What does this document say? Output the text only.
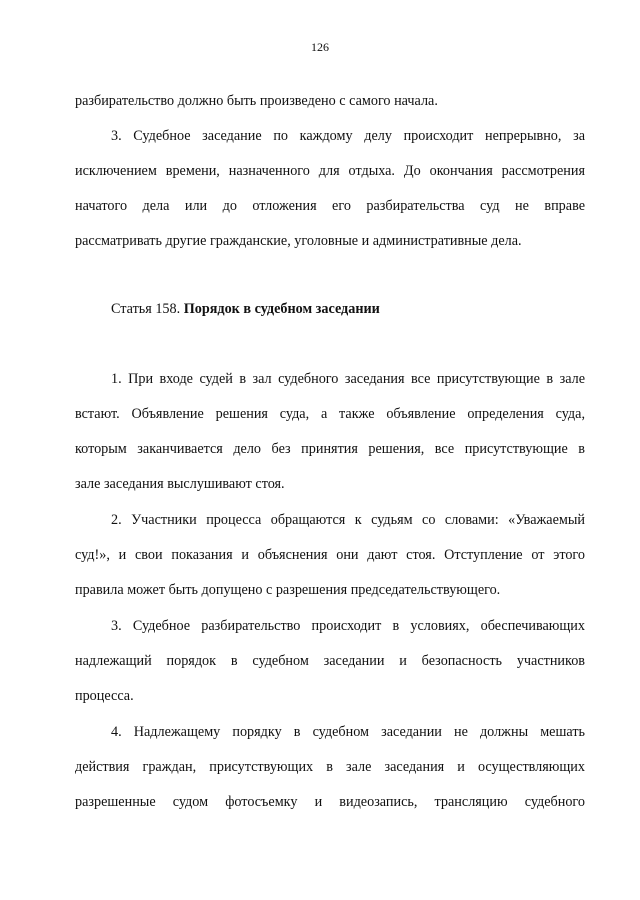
126
разбирательство должно быть произведено с самого начала.
3. Судебное заседание по каждому делу происходит непрерывно, за
исключением времени, назначенного для отдыха. До окончания рассмотрения
начатого дела или до отложения его разбирательства суд не вправе
рассматривать другие гражданские, уголовные и административные дела.
Статья 158. Порядок в судебном заседании
1. При входе судей в зал судебного заседания все присутствующие в зале
встают. Объявление решения суда, а также объявление определения суда,
которым заканчивается дело без принятия решения, все присутствующие в
зале заседания выслушивают стоя.
2. Участники процесса обращаются к судьям со словами: «Уважаемый
суд!», и свои показания и объяснения они дают стоя. Отступление от этого
правила может быть допущено с разрешения председательствующего.
3. Судебное разбирательство происходит в условиях, обеспечивающих
надлежащий порядок в судебном заседании и безопасность участников
процесса.
4. Надлежащему порядку в судебном заседании не должны мешать
действия граждан, присутствующих в зале заседания и осуществляющих
разрешенные судом фотосъемку и видеозапись, трансляцию судебного
